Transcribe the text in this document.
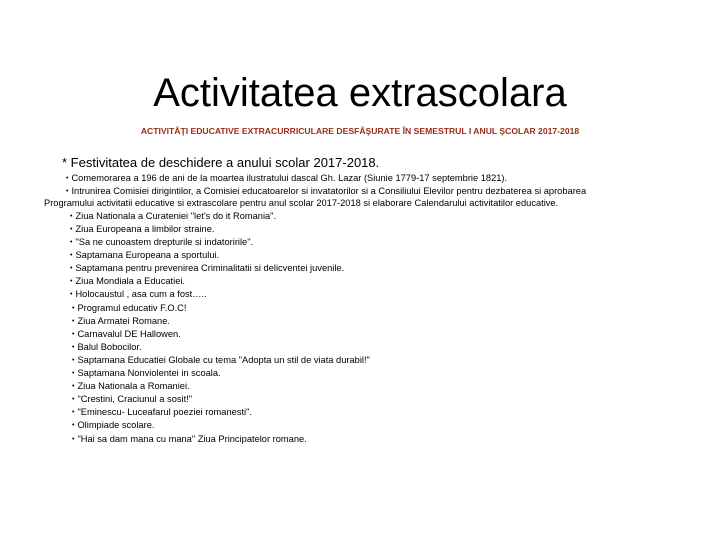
Activitatea extrascolara
ACTIVITĂŢI EDUCATIVE EXTRACURRICULARE DESFĂŞURATE ÎN SEMESTRUL I ANUL ŞCOLAR 2017-2018
* Festivitatea de deschidere a anului scolar 2017-2018.
• Comemorarea a 196 de ani de la moartea ilustratului dascal Gh. Lazar (Siunie 1779-17 septembrie 1821).
• Intrunirea Comisiei dirigintilor, a Comisiei educatoarelor si invatatorilor si a Consiliului Elevilor pentru dezbaterea si aprobarea
Programului activitatii educative si extrascolare pentru anul scolar 2017-2018 si elaborare Calendarului activitatilor educative.
• Ziua Nationala a Curateniei "let's do it Romania".
• Ziua Europeana a limbilor straine.
• "Sa ne cunoastem drepturile si indatoririle".
• Saptamana Europeana a sportului.
• Saptamana pentru prevenirea Criminalitatii si delicventei juvenile.
• Ziua Mondiala a Educatiei.
• Holocaustul , asa cum a fost…..
• Programul educativ F.O.C!
• Ziua Armatei Romane.
• Carnavalul DE Hallowen.
• Balul Bobocilor.
• Saptamana Educatiei Globale cu tema "Adopta un stil de viata durabil!"
• Saptamana Nonviolentei in scoala.
• Ziua Nationala a Romaniei.
• "Crestini, Craciunul a sosit!"
• "Eminescu- Luceafarul poeziei romanesti".
• Olimpiade scolare.
• "Hai sa dam mana cu mana" Ziua Principatelor romane.
